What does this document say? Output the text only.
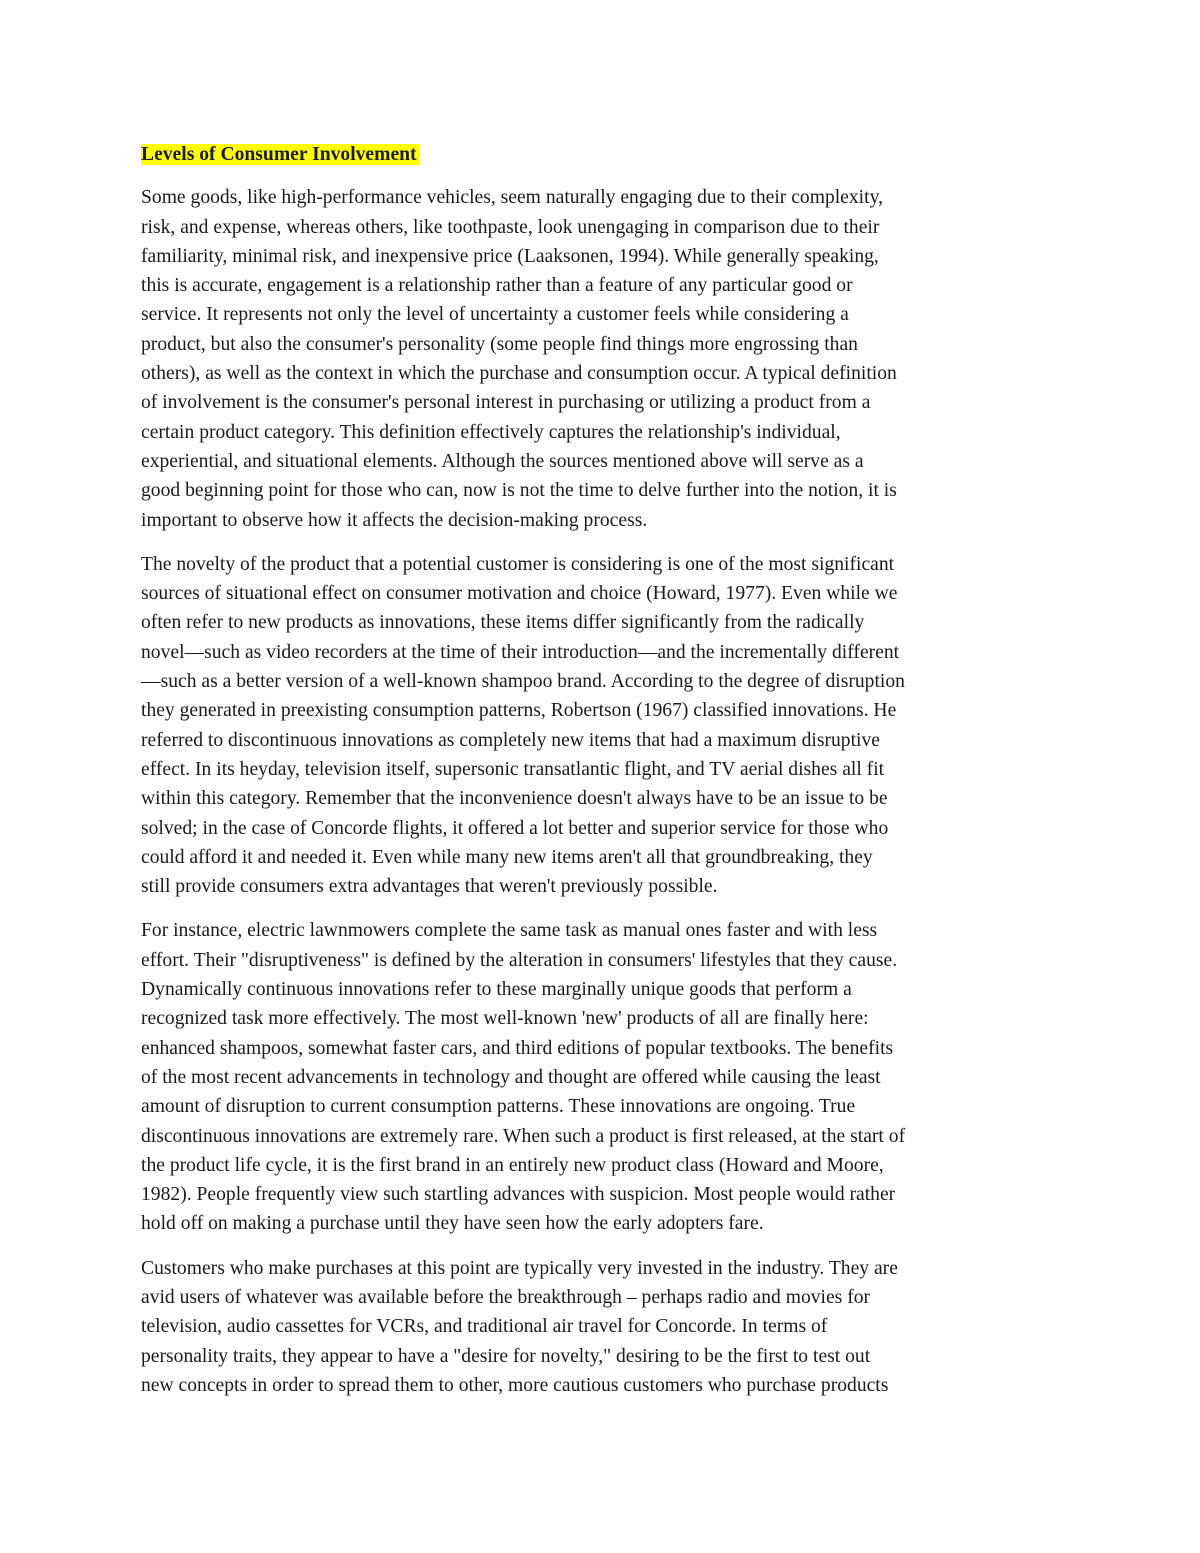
Levels of Consumer Involvement
Some goods, like high-performance vehicles, seem naturally engaging due to their complexity,
risk, and expense, whereas others, like toothpaste, look unengaging in comparison due to their
familiarity, minimal risk, and inexpensive price (Laaksonen, 1994). While generally speaking,
this is accurate, engagement is a relationship rather than a feature of any particular good or
service. It represents not only the level of uncertainty a customer feels while considering a
product, but also the consumer's personality (some people find things more engrossing than
others), as well as the context in which the purchase and consumption occur. A typical definition
of involvement is the consumer's personal interest in purchasing or utilizing a product from a
certain product category. This definition effectively captures the relationship's individual,
experiential, and situational elements. Although the sources mentioned above will serve as a
good beginning point for those who can, now is not the time to delve further into the notion, it is
important to observe how it affects the decision-making process.
The novelty of the product that a potential customer is considering is one of the most significant
sources of situational effect on consumer motivation and choice (Howard, 1977). Even while we
often refer to new products as innovations, these items differ significantly from the radically
novel—such as video recorders at the time of their introduction—and the incrementally different
—such as a better version of a well-known shampoo brand. According to the degree of disruption
they generated in preexisting consumption patterns, Robertson (1967) classified innovations. He
referred to discontinuous innovations as completely new items that had a maximum disruptive
effect. In its heyday, television itself, supersonic transatlantic flight, and TV aerial dishes all fit
within this category. Remember that the inconvenience doesn't always have to be an issue to be
solved; in the case of Concorde flights, it offered a lot better and superior service for those who
could afford it and needed it. Even while many new items aren't all that groundbreaking, they
still provide consumers extra advantages that weren't previously possible.
For instance, electric lawnmowers complete the same task as manual ones faster and with less
effort. Their "disruptiveness" is defined by the alteration in consumers' lifestyles that they cause.
Dynamically continuous innovations refer to these marginally unique goods that perform a
recognized task more effectively. The most well-known 'new' products of all are finally here:
enhanced shampoos, somewhat faster cars, and third editions of popular textbooks. The benefits
of the most recent advancements in technology and thought are offered while causing the least
amount of disruption to current consumption patterns. These innovations are ongoing. True
discontinuous innovations are extremely rare. When such a product is first released, at the start of
the product life cycle, it is the first brand in an entirely new product class (Howard and Moore,
1982). People frequently view such startling advances with suspicion. Most people would rather
hold off on making a purchase until they have seen how the early adopters fare.
Customers who make purchases at this point are typically very invested in the industry. They are
avid users of whatever was available before the breakthrough – perhaps radio and movies for
television, audio cassettes for VCRs, and traditional air travel for Concorde. In terms of
personality traits, they appear to have a "desire for novelty," desiring to be the first to test out
new concepts in order to spread them to other, more cautious customers who purchase products
